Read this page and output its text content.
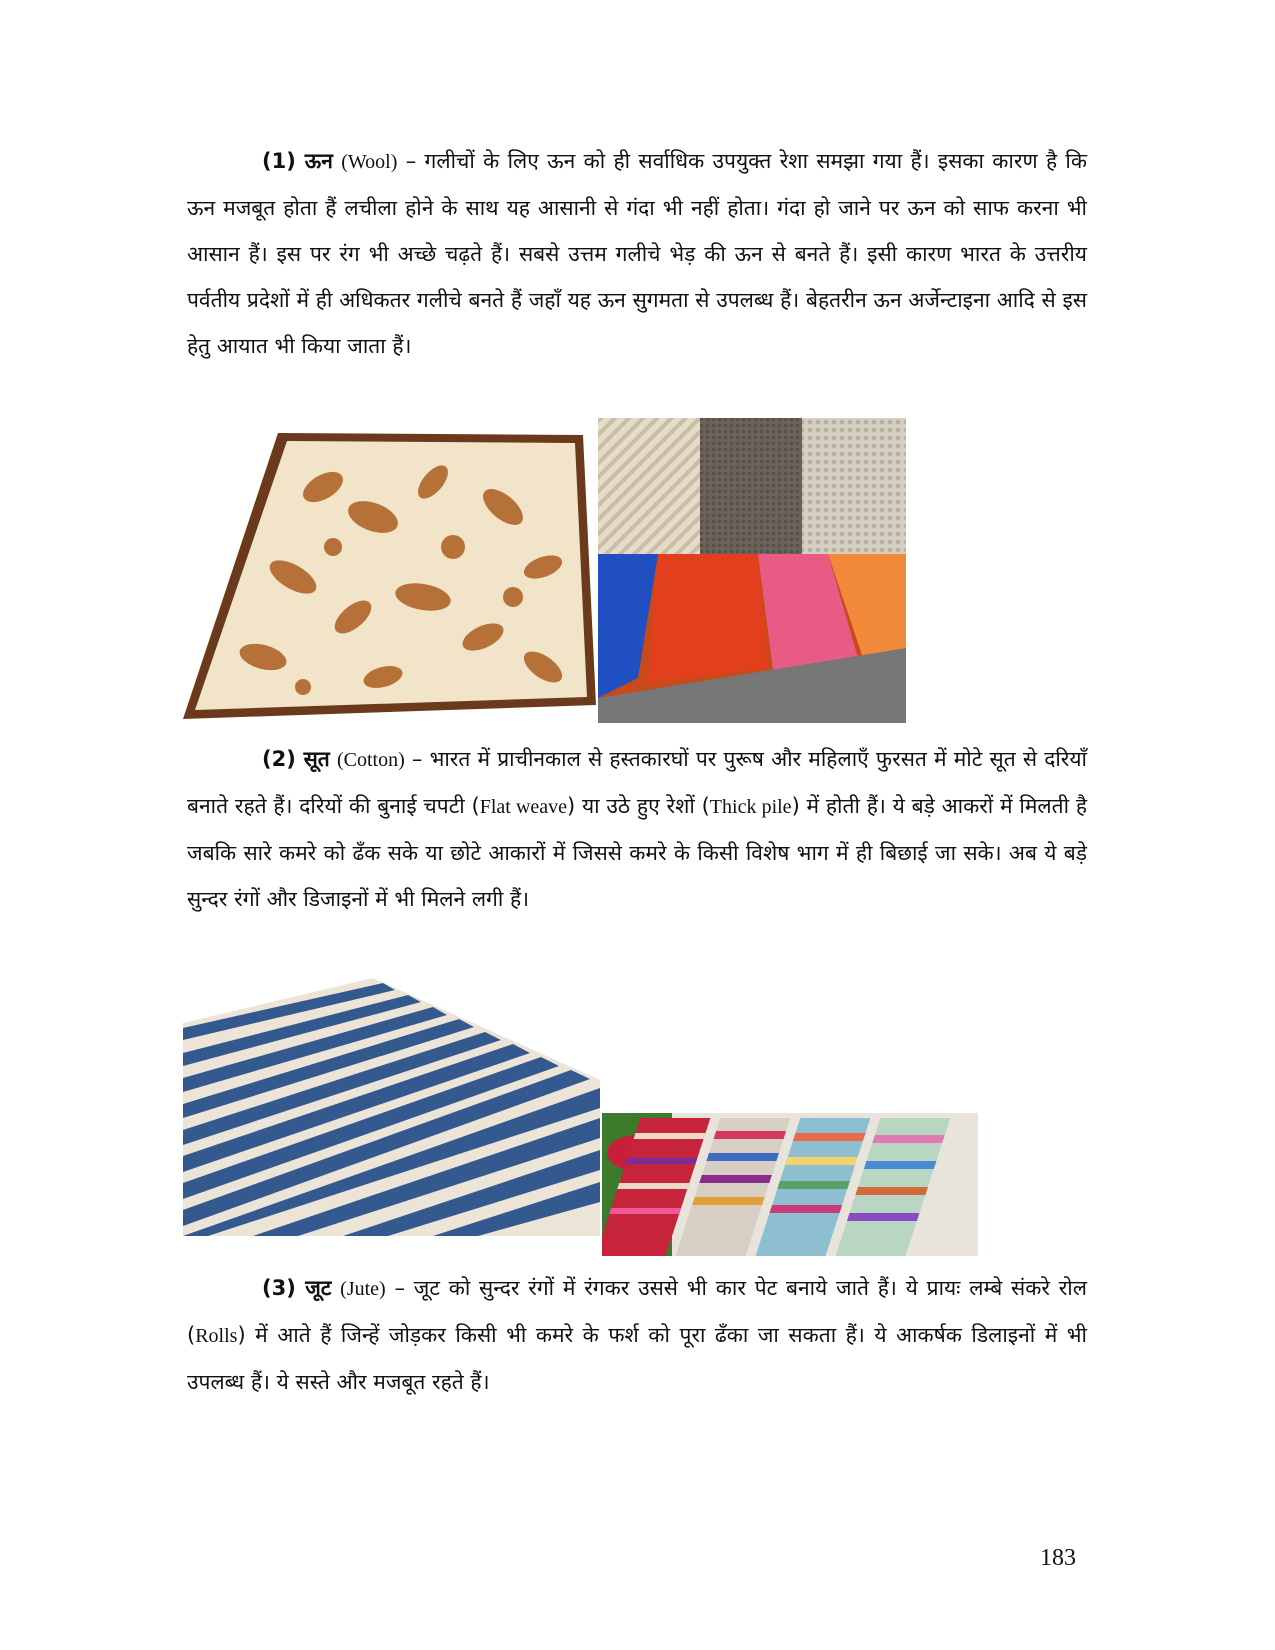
(1) ऊन (Wool) – गलीचों के लिए ऊन को ही सर्वाधिक उपयुक्त रेशा समझा गया हैं। इसका कारण है कि ऊन मजबूत होता हैं लचीला होने के साथ यह आसानी से गंदा भी नहीं होता। गंदा हो जाने पर ऊन को साफ करना भी आसान हैं। इस पर रंग भी अच्छे चढ़ते हैं। सबसे उत्तम गलीचे भेड़ की ऊन से बनते हैं। इसी कारण भारत के उत्तरीय पर्वतीय प्रदेशों में ही अधिकतर गलीचे बनते हैं जहाँ यह ऊन सुगमता से उपलब्ध हैं। बेहतरीन ऊन अर्जेन्टाइना आदि से इस हेतु आयात भी किया जाता हैं।

(2) सूत (Cotton) – भारत में प्राचीनकाल से हस्तकारघों पर पुरूष और महिलाएँ फुरसत में मोटे सूत से दरियाँ बनाते रहते हैं। दरियों की बुनाई चपटी (Flat weave) या उठे हुए रेशों (Thick pile) में होती हैं। ये बड़े आकरों में मिलती है जबकि सारे कमरे को ढँक सके या छोटे आकारों में जिससे कमरे के किसी विशेष भाग में ही बिछाई जा सके। अब ये बड़े सुन्दर रंगों और डिजाइनों में भी मिलने लगी हैं।

(3) जूट (Jute) – जूट को सुन्दर रंगों में रंगकर उससे भी कार पेट बनाये जाते हैं। ये प्रायः लम्बे संकरे रोल (Rolls) में आते हैं जिन्हें जोड़कर किसी भी कमरे के फर्श को पूरा ढँका जा सकता हैं। ये आकर्षक डिलाइनों में भी उपलब्ध हैं। ये सस्ते और मजबूत रहते हैं।

183
